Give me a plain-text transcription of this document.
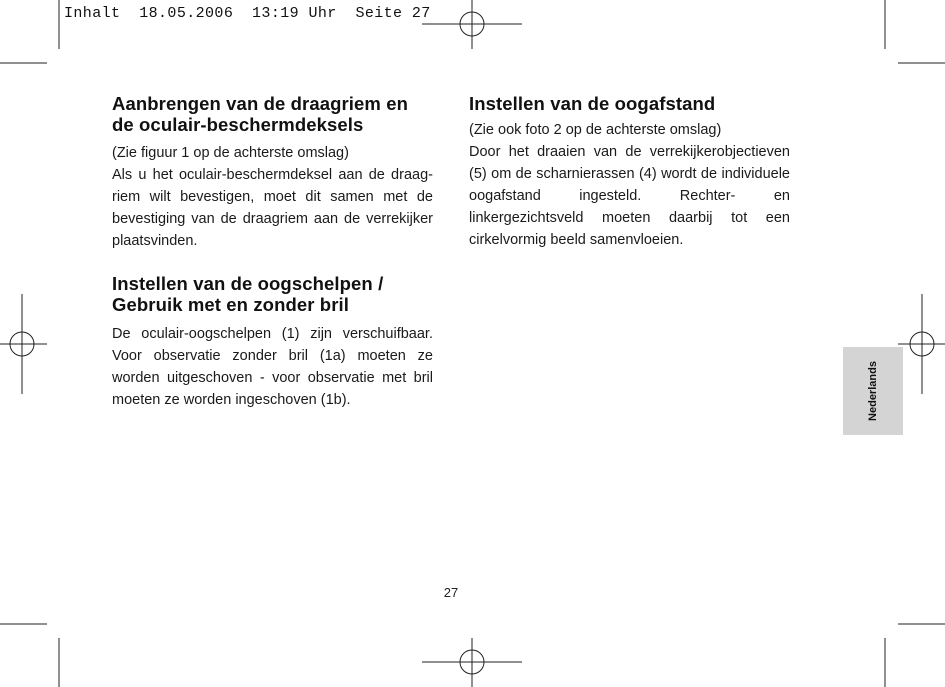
Inhalt  18.05.2006  13:19 Uhr  Seite 27
Aanbrengen van de draagriem en
de oculair-beschermdeksels

(Zie figuur 1 op de achterste omslag)

Als u het oculair-beschermdeksel aan de draagriem wilt bevestigen, moet dit samen met de bevestiging van de draagriem aan de verrekijker plaatsvinden.

Instellen van de oogschelpen /
Gebruik met en zonder bril

De oculair-oogschelpen (1) zijn verschuifbaar. Voor observatie zonder bril (1a) moeten ze worden uitgeschoven - voor observatie met bril moeten ze worden ingeschoven (1b).

Instellen van de oogafstand

(Zie ook foto 2 op de achterste omslag)

Door het draaien van de verrekijkerobjectieven (5) om de scharnierassen (4) wordt de individuele oogafstand ingesteld. Rechter- en linkergezichtsveld moeten daarbij tot een cirkelvormig beeld samenvloeien.

Nederlands
27
